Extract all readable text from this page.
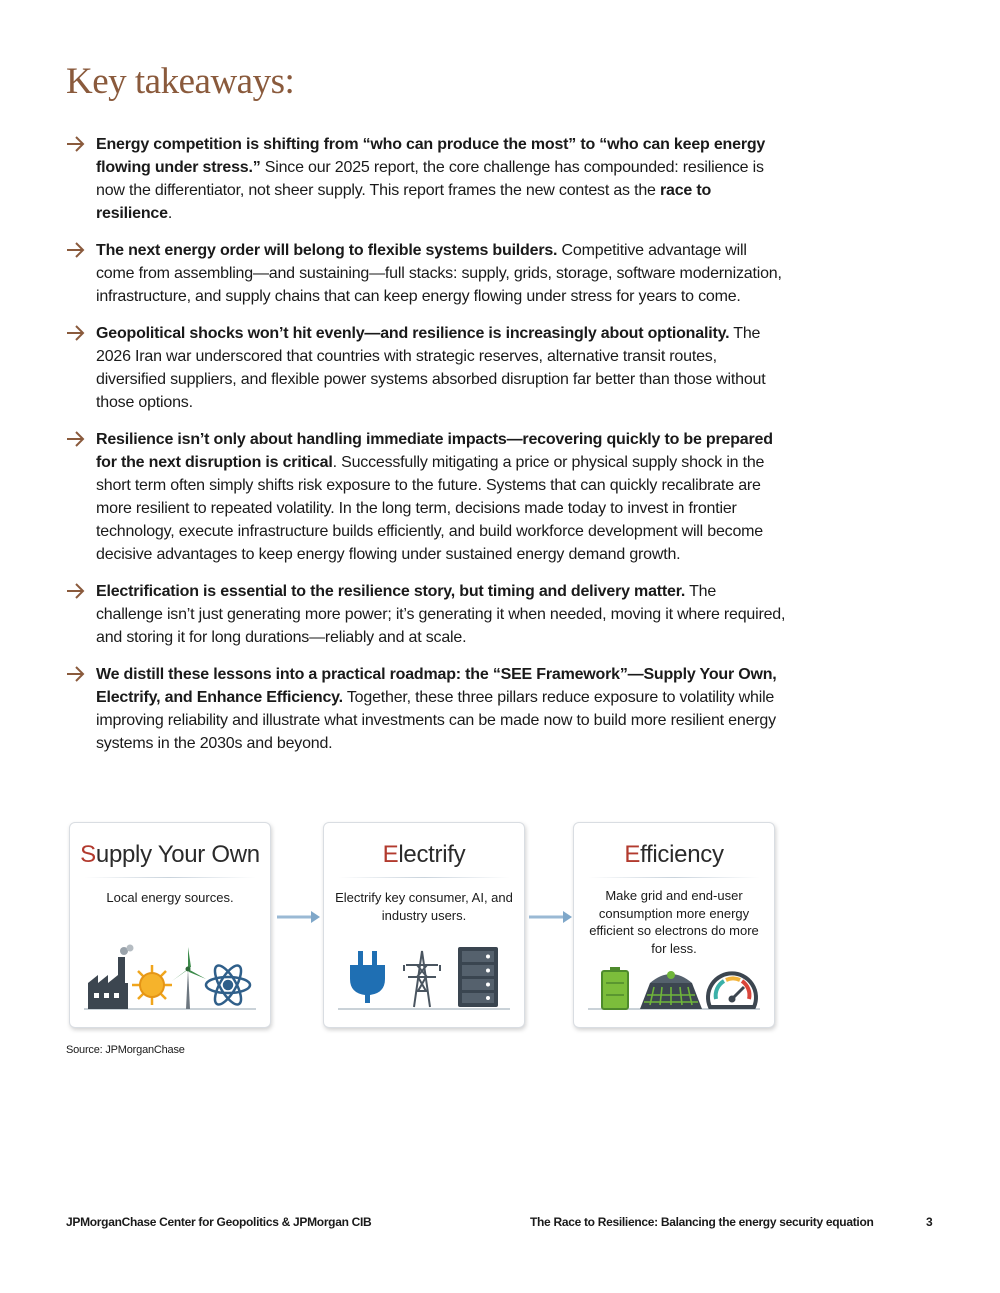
Key takeaways:
Energy competition is shifting from “who can produce the most” to “who can keep energy flowing under stress.” Since our 2025 report, the core challenge has compounded: resilience is now the differentiator, not sheer supply. This report frames the new contest as the race to resilience.
The next energy order will belong to flexible systems builders. Competitive advantage will come from assembling—and sustaining—full stacks: supply, grids, storage, software modernization, infrastructure, and supply chains that can keep energy flowing under stress for years to come.
Geopolitical shocks won’t hit evenly—and resilience is increasingly about optionality. The 2026 Iran war underscored that countries with strategic reserves, alternative transit routes, diversified suppliers, and flexible power systems absorbed disruption far better than those without those options.
Resilience isn’t only about handling immediate impacts—recovering quickly to be prepared for the next disruption is critical. Successfully mitigating a price or physical supply shock in the short term often simply shifts risk exposure to the future. Systems that can quickly recalibrate are more resilient to repeated volatility. In the long term, decisions made today to invest in frontier technology, execute infrastructure builds efficiently, and build workforce development will become decisive advantages to keep energy flowing under sustained energy demand growth.
Electrification is essential to the resilience story, but timing and delivery matter. The challenge isn’t just generating more power; it’s generating it when needed, moving it where required, and storing it for long durations—reliably and at scale.
We distill these lessons into a practical roadmap: the “SEE Framework”—Supply Your Own, Electrify, and Enhance Efficiency. Together, these three pillars reduce exposure to volatility while improving reliability and illustrate what investments can be made now to build more resilient energy systems in the 2030s and beyond.
Supply Your Own
Local energy sources.
Electrify
Electrify key consumer, AI, and industry users.
Efficiency
Make grid and end-user consumption more energy efficient so electrons do more for less.
Source: JPMorganChase
JPMorganChase Center for Geopolitics & JPMorgan CIB	The Race to Resilience: Balancing the energy security equation	3
